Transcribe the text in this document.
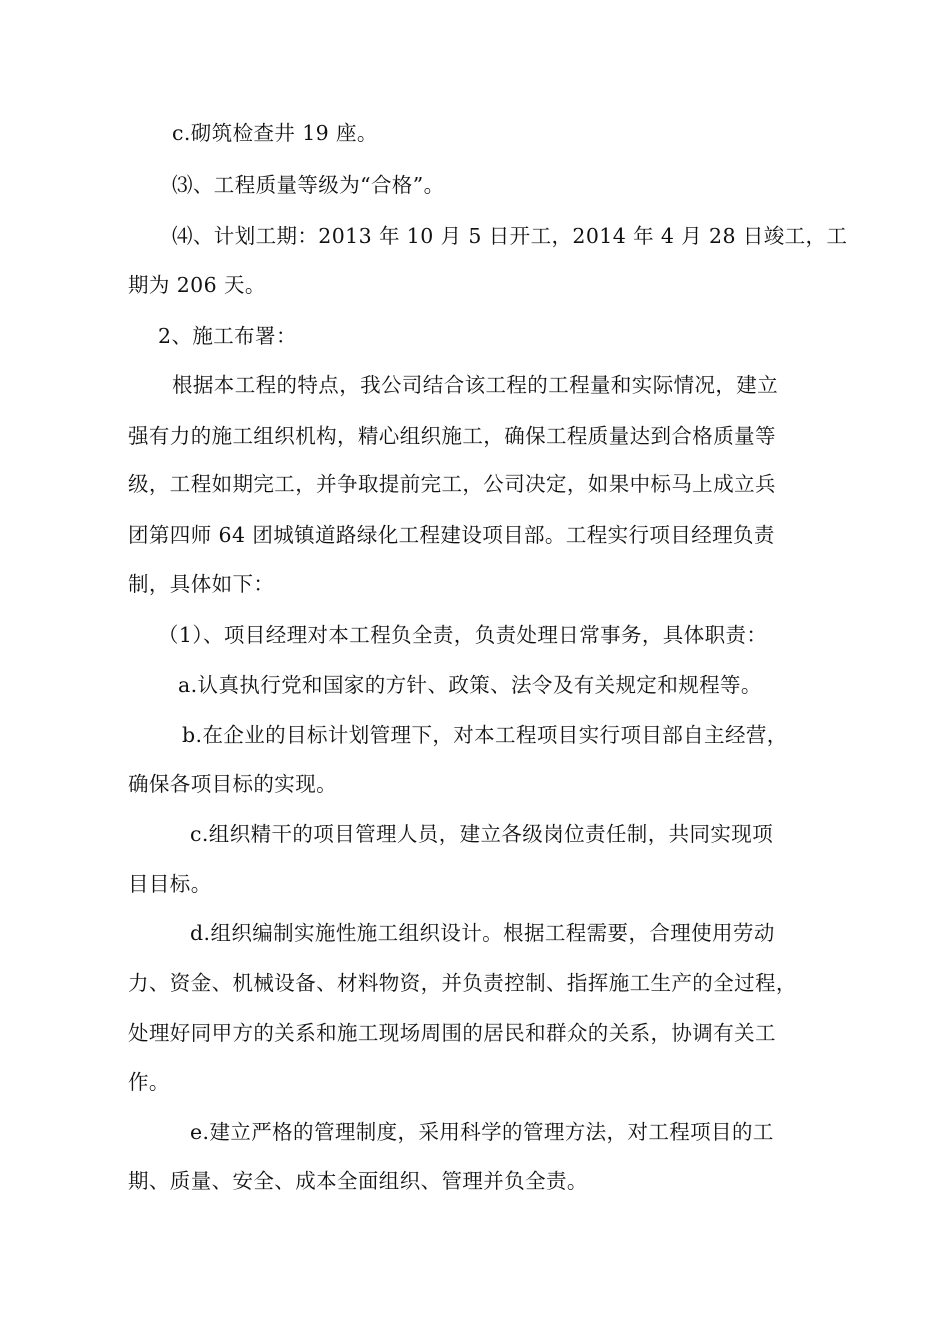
c.砌筑检查井 19 座。
⑶、工程质量等级为“合格”。
⑷、计划工期：2013 年 10 月 5 日开工，2014 年 4 月 28 日竣工，工
期为 206 天。
2、施工布署：
根据本工程的特点，我公司结合该工程的工程量和实际情况，建立
强有力的施工组织机构，精心组织施工，确保工程质量达到合格质量等
级，工程如期完工，并争取提前完工，公司决定，如果中标马上成立兵
团第四师 64 团城镇道路绿化工程建设项目部。工程实行项目经理负责
制，具体如下：
（1）、项目经理对本工程负全责，负责处理日常事务，具体职责：
a.认真执行党和国家的方针、政策、法令及有关规定和规程等。
b.在企业的目标计划管理下，对本工程项目实行项目部自主经营，
确保各项目标的实现。
c.组织精干的项目管理人员，建立各级岗位责任制，共同实现项
目目标。
d.组织编制实施性施工组织设计。根据工程需要，合理使用劳动
力、资金、机械设备、材料物资，并负责控制、指挥施工生产的全过程，
处理好同甲方的关系和施工现场周围的居民和群众的关系，协调有关工
作。
e.建立严格的管理制度，采用科学的管理方法，对工程项目的工
期、质量、安全、成本全面组织、管理并负全责。
